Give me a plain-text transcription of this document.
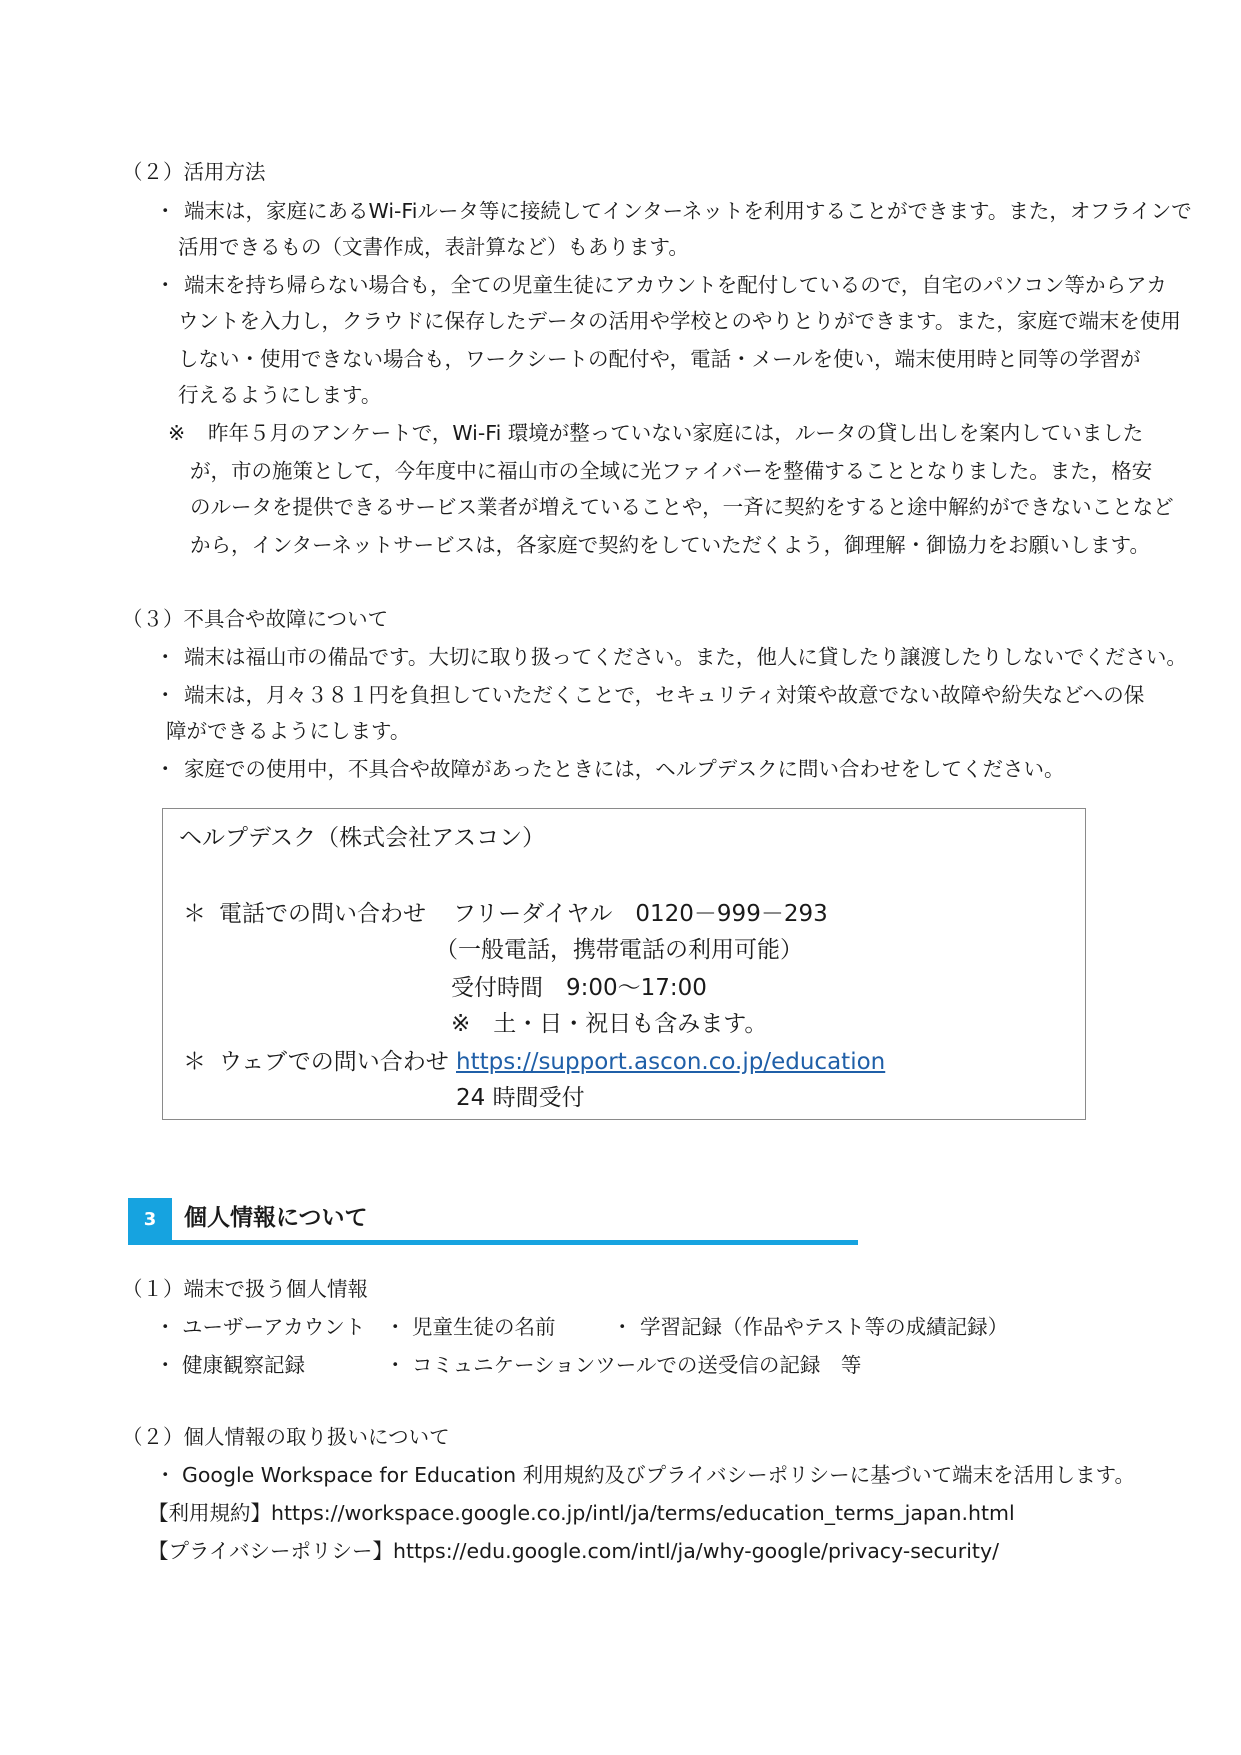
（２）活用方法
・ 端末は，家庭にあるWi-Fiルータ等に接続してインターネットを利用することができます。また，オフラインで
活用できるもの（文書作成，表計算など）もあります。
・ 端末を持ち帰らない場合も，全ての児童生徒にアカウントを配付しているので，自宅のパソコン等からアカ
ウントを入力し，クラウドに保存したデータの活用や学校とのやりとりができます。また，家庭で端末を使用
しない・使用できない場合も，ワークシートの配付や，電話・メールを使い，端末使用時と同等の学習が
行えるようにします。
※ 昨年５月のアンケートで，Wi-Fi 環境が整っていない家庭には，ルータの貸し出しを案内していました
が，市の施策として，今年度中に福山市の全域に光ファイバーを整備することとなりました。また，格安
のルータを提供できるサービス業者が増えていることや，一斉に契約をすると途中解約ができないことなど
から，インターネットサービスは，各家庭で契約をしていただくよう，御理解・御協力をお願いします。
（３）不具合や故障について
・ 端末は福山市の備品です。大切に取り扱ってください。また，他人に貸したり譲渡したりしないでください。
・ 端末は，月々３８１円を負担していただくことで，セキュリティ対策や故意でない故障や紛失などへの保
障ができるようにします。
・ 家庭での使用中，不具合や故障があったときには，ヘルプデスクに問い合わせをしてください。
ヘルプデスク（株式会社アスコン）
＊ 電話での問い合わせ フリーダイヤル　0120－999－293
（一般電話，携帯電話の利用可能）
受付時間　9:00～17:00
※　土・日・祝日も含みます。
＊ ウェブでの問い合わせ https://support.ascon.co.jp/education
24 時間受付
3	個人情報について
（１）端末で扱う個人情報
・ ユーザーアカウント ・ 児童生徒の名前	・ 学習記録（作品やテスト等の成績記録）
・ 健康観察記録	・ コミュニケーションツールでの送受信の記録　等
（２）個人情報の取り扱いについて
・ Google Workspace for Education 利用規約及びプライバシーポリシーに基づいて端末を活用します。
【利用規約】https://workspace.google.co.jp/intl/ja/terms/education_terms_japan.html
【プライバシーポリシー】https://edu.google.com/intl/ja/why-google/privacy-security/
